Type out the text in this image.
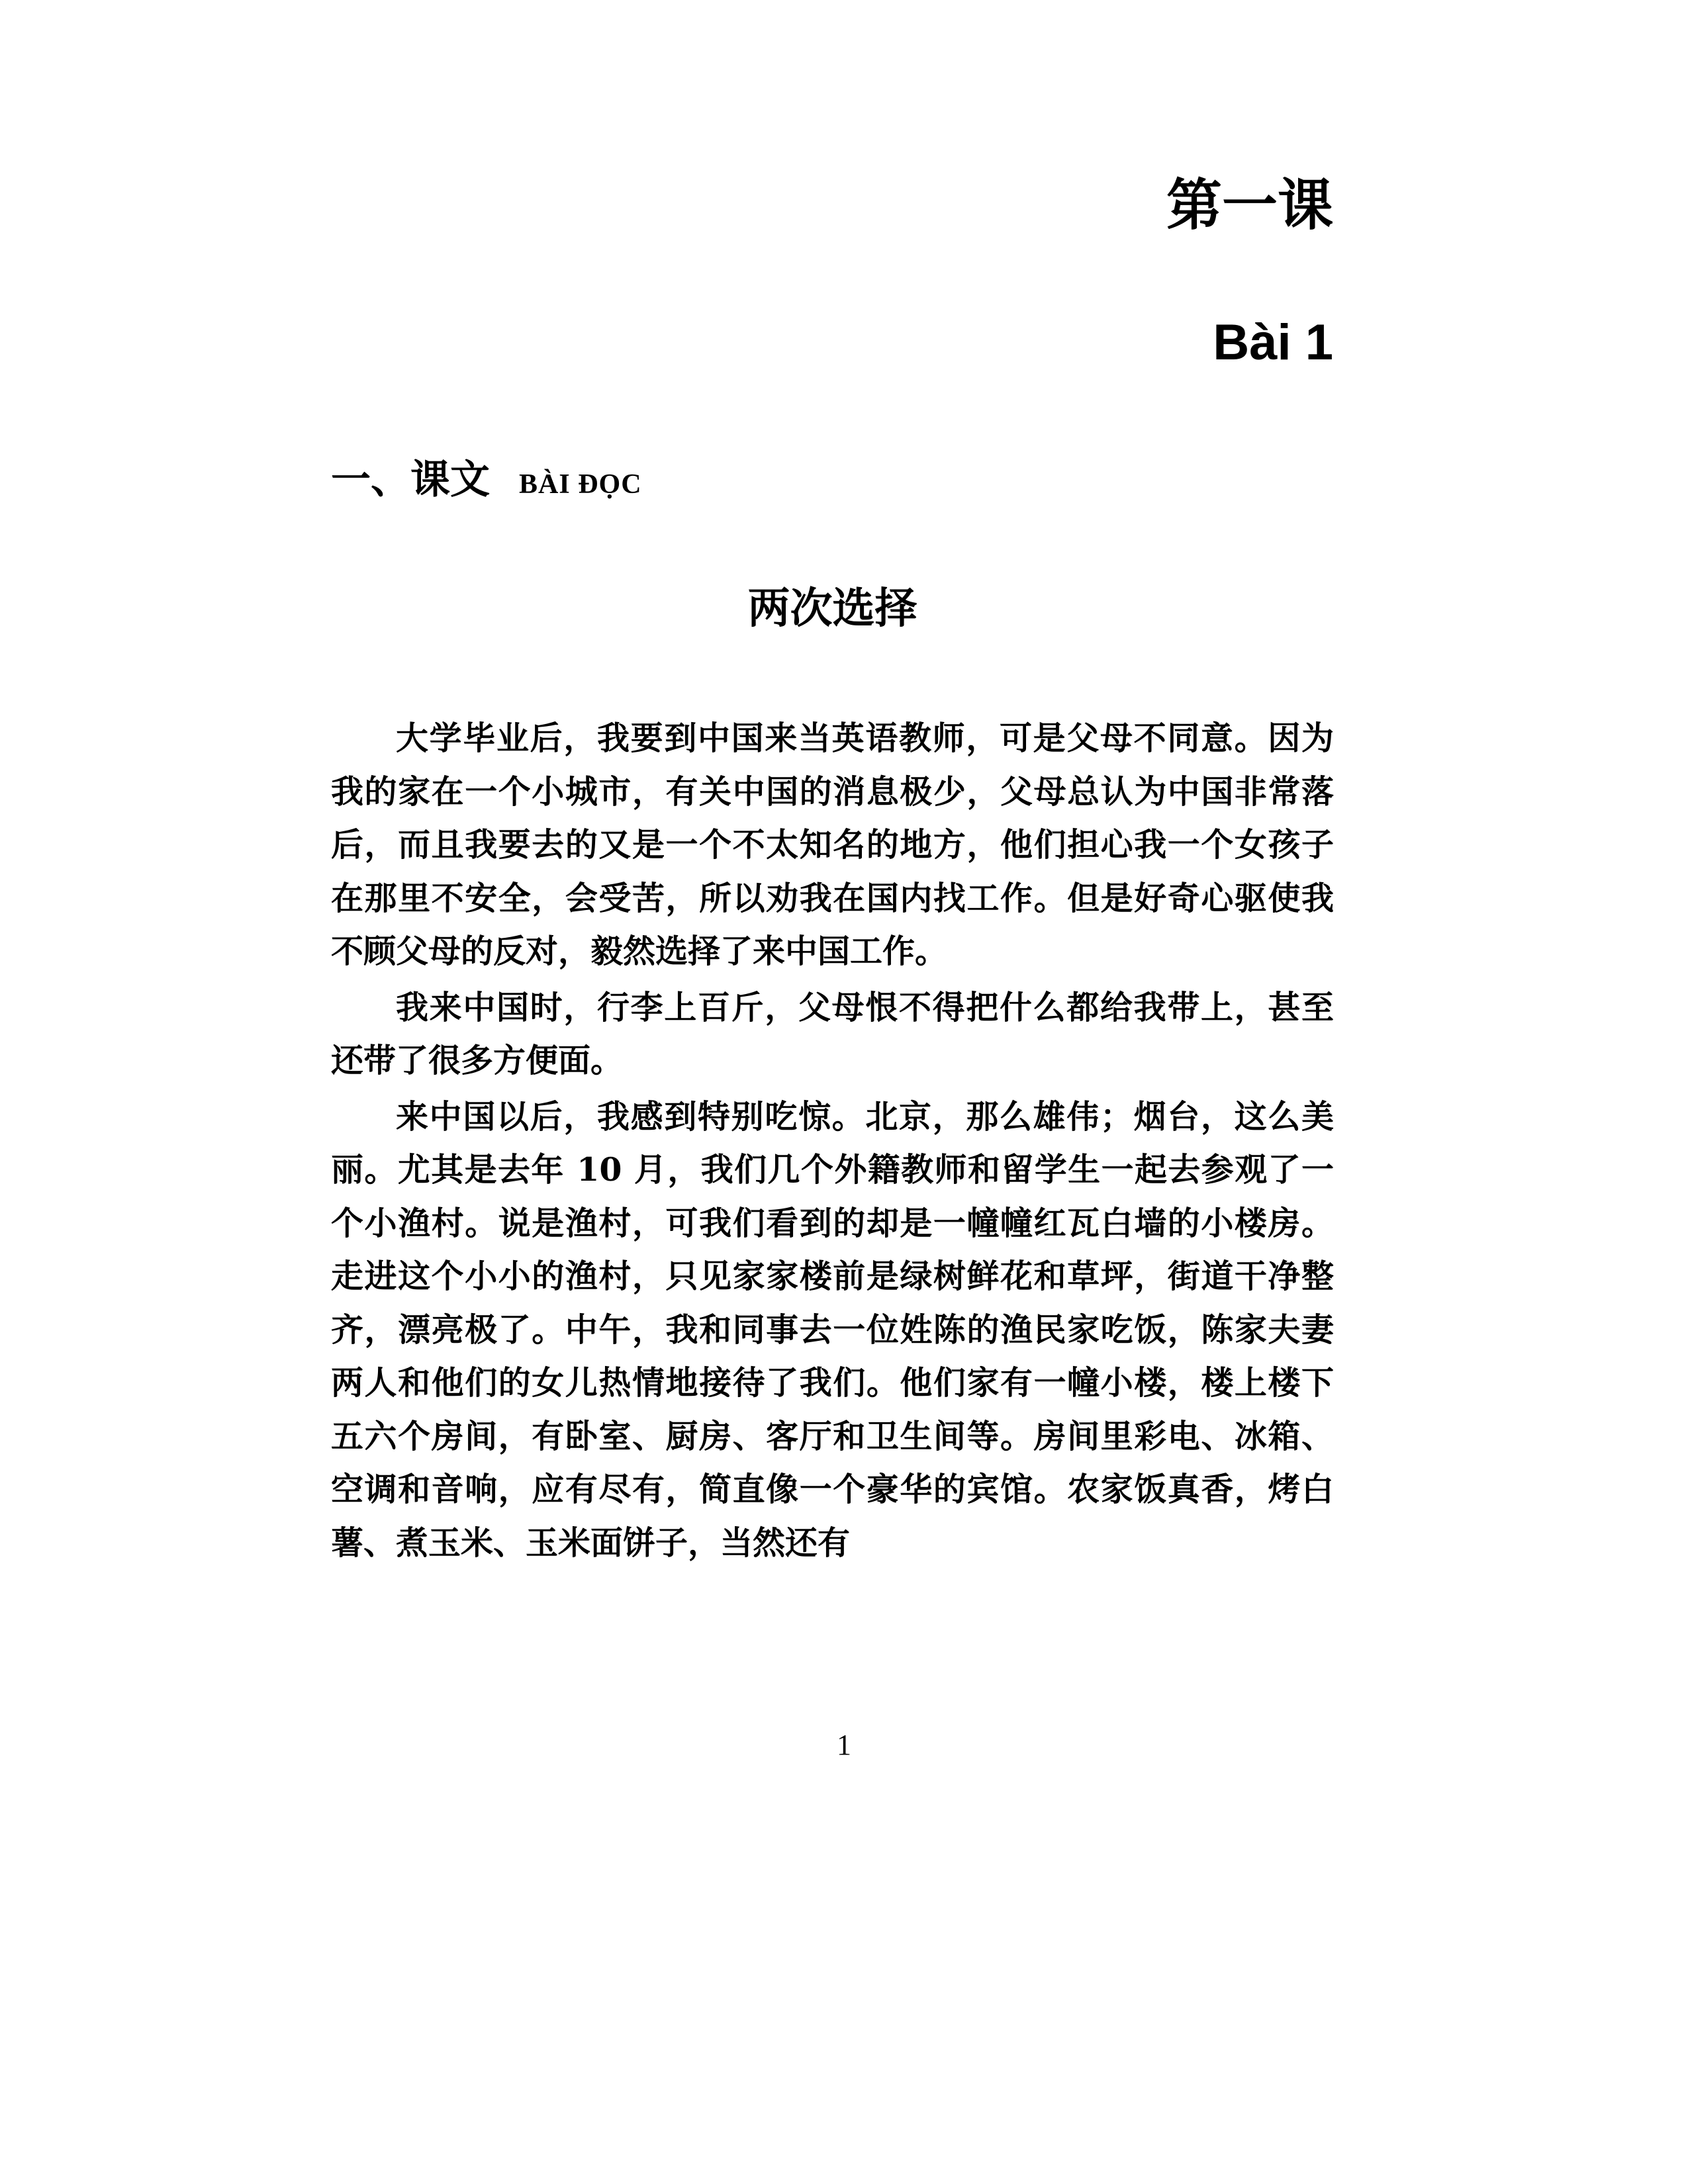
第一课
Bài 1
一、课文 BÀI ĐỌC
两次选择

大学毕业后，我要到中国来当英语教师，可是父母不同意。因为我的家在一个小城市，有关中国的消息极少，父母总认为中国非常落后，而且我要去的又是一个不太知名的地方，他们担心我一个女孩子在那里不安全，会受苦，所以劝我在国内找工作。但是好奇心驱使我不顾父母的反对，毅然选择了来中国工作。

我来中国时，行李上百斤，父母恨不得把什么都给我带上，甚至还带了很多方便面。

来中国以后，我感到特别吃惊。北京，那么雄伟；烟台，这么美丽。尤其是去年 10 月，我们几个外籍教师和留学生一起去参观了一个小渔村。说是渔村，可我们看到的却是一幢幢红瓦白墙的小楼房。走进这个小小的渔村，只见家家楼前是绿树鲜花和草坪，街道干净整齐，漂亮极了。中午，我和同事去一位姓陈的渔民家吃饭，陈家夫妻两人和他们的女儿热情地接待了我们。他们家有一幢小楼，楼上楼下五六个房间，有卧室、厨房、客厅和卫生间等。房间里彩电、冰箱、空调和音响，应有尽有，简直像一个豪华的宾馆。农家饭真香，烤白薯、煮玉米、玉米面饼子，当然还有

1
